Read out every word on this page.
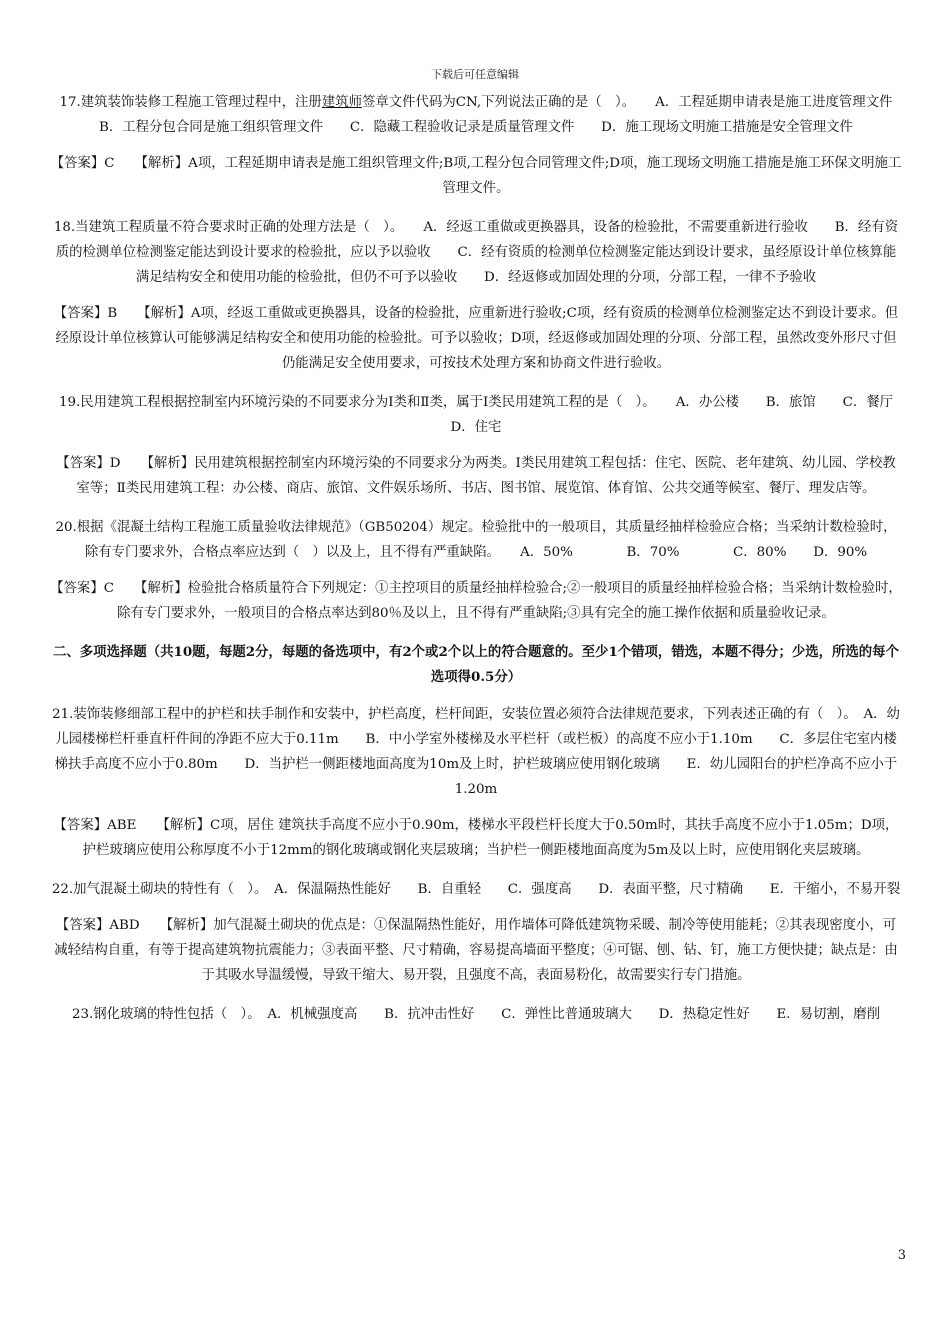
下载后可任意编辑

17.建筑装饰装修工程施工管理过程中，注册建筑师签章文件代码为CN,下列说法正确的是（　）。　　A．工程延期申请表是施工进度管理文件　　B．工程分包合同是施工组织管理文件　　C．隐藏工程验收记录是质量管理文件　　D．施工现场文明施工措施是安全管理文件

【答案】C　　【解析】A项，工程延期申请表是施工组织管理文件;B项,工程分包合同管理文件;D项，施工现场文明施工措施是施工环保文明施工管理文件。

18.当建筑工程质量不符合要求时正确的处理方法是（　）。　　A．经返工重做或更换器具，设备的检验批，不需要重新进行验收　　B．经有资质的检测单位检测鉴定能达到设计要求的检验批，应以予以验收　　C．经有资质的检测单位检测鉴定能达到设计要求，虽经原设计单位核算能满足结构安全和使用功能的检验批，但仍不可予以验收　　D．经返修或加固处理的分项，分部工程，一律不予验收

【答案】B　　【解析】A项，经返工重做或更换器具，设备的检验批，应重新进行验收;C项，经有资质的检测单位检测鉴定达不到设计要求。但经原设计单位核算认可能够满足结构安全和使用功能的检验批。可予以验收；D项，经返修或加固处理的分项、分部工程，虽然改变外形尺寸但仍能满足安全使用要求，可按技术处理方案和协商文件进行验收。

19.民用建筑工程根据控制室内环境污染的不同要求分为Ⅰ类和Ⅱ类，属于Ⅰ类民用建筑工程的是（　）。　　A．办公楼　　B．旅馆　　C．餐厅　　D．住宅

【答案】D　　【解析】民用建筑根据控制室内环境污染的不同要求分为两类。Ⅰ类民用建筑工程包括：住宅、医院、老年建筑、幼儿园、学校教室等；Ⅱ类民用建筑工程：办公楼、商店、旅馆、文件娱乐场所、书店、图书馆、展览馆、体育馆、公共交通等候室、餐厅、理发店等。

20.根据《混凝土结构工程施工质量验收法律规范》（GB50204）规定。检验批中的一般项目，其质量经抽样检验应合格；当采纳计数检验时，除有专门要求外，合格点率应达到（　）以及上，且不得有严重缺陷。　　A．50%　　　　B．70%　　　　C．80%　　D．90%

【答案】C　　【解析】检验批合格质量符合下列规定：①主控项目的质量经抽样检验合;②一般项目的质量经抽样检验合格；当采纳计数检验时，除有专门要求外，一般项目的合格点率达到80％及以上，且不得有严重缺陷;③具有完全的施工操作依据和质量验收记录。

二、多项选择题（共10题，每题2分，每题的备选项中，有2个或2个以上的符合题意的。至少1个错项，错选，本题不得分；少选，所选的每个选项得0.5分）

21.装饰装修细部工程中的护栏和扶手制作和安装中，护栏高度，栏杆间距，安装位置必须符合法律规范要求，下列表述正确的有（　）。　A．幼儿园楼梯栏杆垂直杆件间的净距不应大于0.11m　　B．中小学室外楼梯及水平栏杆（或栏板）的高度不应小于1.10m　　C．多层住宅室内楼梯扶手高度不应小于0.80m　　D．当护栏一侧距楼地面高度为10m及上时，护栏玻璃应使用钢化玻璃　　E．幼儿园阳台的护栏净高不应小于1.20m

【答案】ABE　　【解析】C项，居住 建筑扶手高度不应小于0.90m，楼梯水平段栏杆长度大于0.50m时，其扶手高度不应小于1.05m；D项，护栏玻璃应使用公称厚度不小于12mm的钢化玻璃或钢化夹层玻璃；当护栏一侧距楼地面高度为5m及以上时，应使用钢化夹层玻璃。

22.加气混凝土砌块的特性有（　）。　A．保温隔热性能好　　B．自重轻　　C．强度高　　D．表面平整，尺寸精确　　E．干缩小，不易开裂

【答案】ABD　　【解析】加气混凝土砌块的优点是：①保温隔热性能好，用作墙体可降低建筑物采暖、制冷等使用能耗；②其表现密度小，可减轻结构自重，有等于提高建筑物抗震能力；③表面平整、尺寸精确，容易提高墙面平整度；④可锯、刨、钻、钉，施工方便快捷；缺点是：由于其吸水导温缓慢，导致干缩大、易开裂，且强度不高，表面易粉化，故需要实行专门措施。

23.钢化玻璃的特性包括（　）。　A．机械强度高　　B．抗冲击性好　　C．弹性比普通玻璃大　　D．热稳定性好　　E．易切割，磨削

3
